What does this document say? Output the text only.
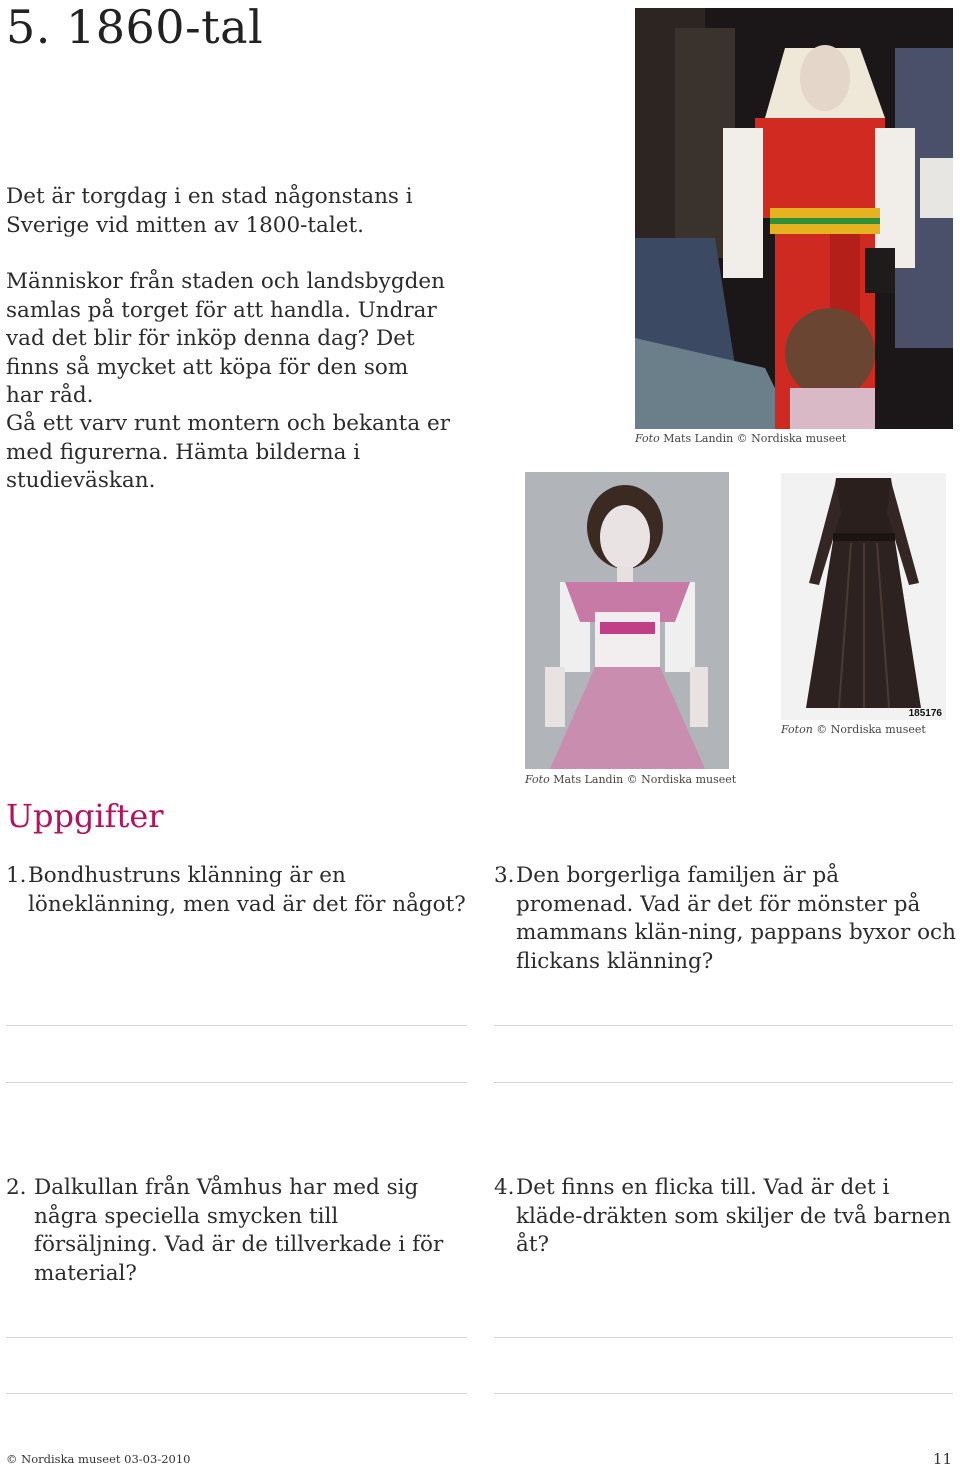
5. 1860-tal

Det är torgdag i en stad någonstans i Sverige vid mitten av 1800-talet.

Människor från staden och landsbygden samlas på torget för att handla. Undrar vad det blir för inköp denna dag? Det finns så mycket att köpa för den som har råd.

Gå ett varv runt montern och bekanta er med figurerna. Hämta bilderna i studieväskan.

Foto Mats Landin © Nordiska museet
Foto Mats Landin © Nordiska museet
185176
Foton © Nordiska museet
Uppgifter
1. Bondhustruns klänning är en löneklänning, men vad är det för något?
3. Den borgerliga familjen är på promenad. Vad är det för mönster på mammans klän-ning, pappans byxor och flickans klänning?
2. Dalkullan från Våmhus har med sig några speciella smycken till försäljning. Vad är de tillverkade i för material?
4. Det finns en flicka till. Vad är det i kläde-dräkten som skiljer de två barnen åt?
© Nordiska museet 03-03-2010	11
